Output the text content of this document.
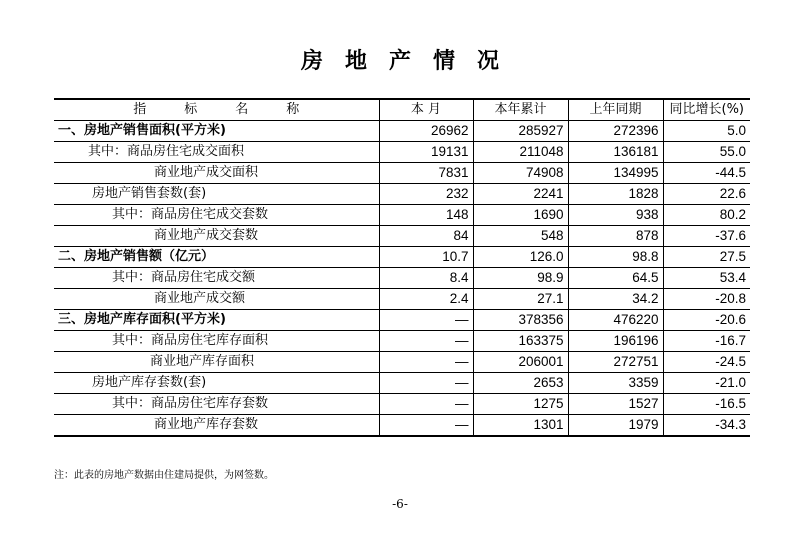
房地产情况
指标名称	本 月	本年累计	上年同期	同比增长(%)
一、房地产销售面积(平方米)	26962	285927	272396	5.0
其中：商品房住宅成交面积	19131	211048	136181	55.0
商业地产成交面积	7831	74908	134995	-44.5
房地产销售套数(套)	232	2241	1828	22.6
其中：商品房住宅成交套数	148	1690	938	80.2
商业地产成交套数	84	548	878	-37.6
二、房地产销售额（亿元）	10.7	126.0	98.8	27.5
其中：商品房住宅成交额	8.4	98.9	64.5	53.4
商业地产成交额	2.4	27.1	34.2	-20.8
三、房地产库存面积(平方米)	—	378356	476220	-20.6
其中：商品房住宅库存面积	—	163375	196196	-16.7
商业地产库存面积	—	206001	272751	-24.5
房地产库存套数(套)	—	2653	3359	-21.0
其中：商品房住宅库存套数	—	1275	1527	-16.5
商业地产库存套数	—	1301	1979	-34.3
注：此表的房地产数据由住建局提供，为网签数。
-6-
